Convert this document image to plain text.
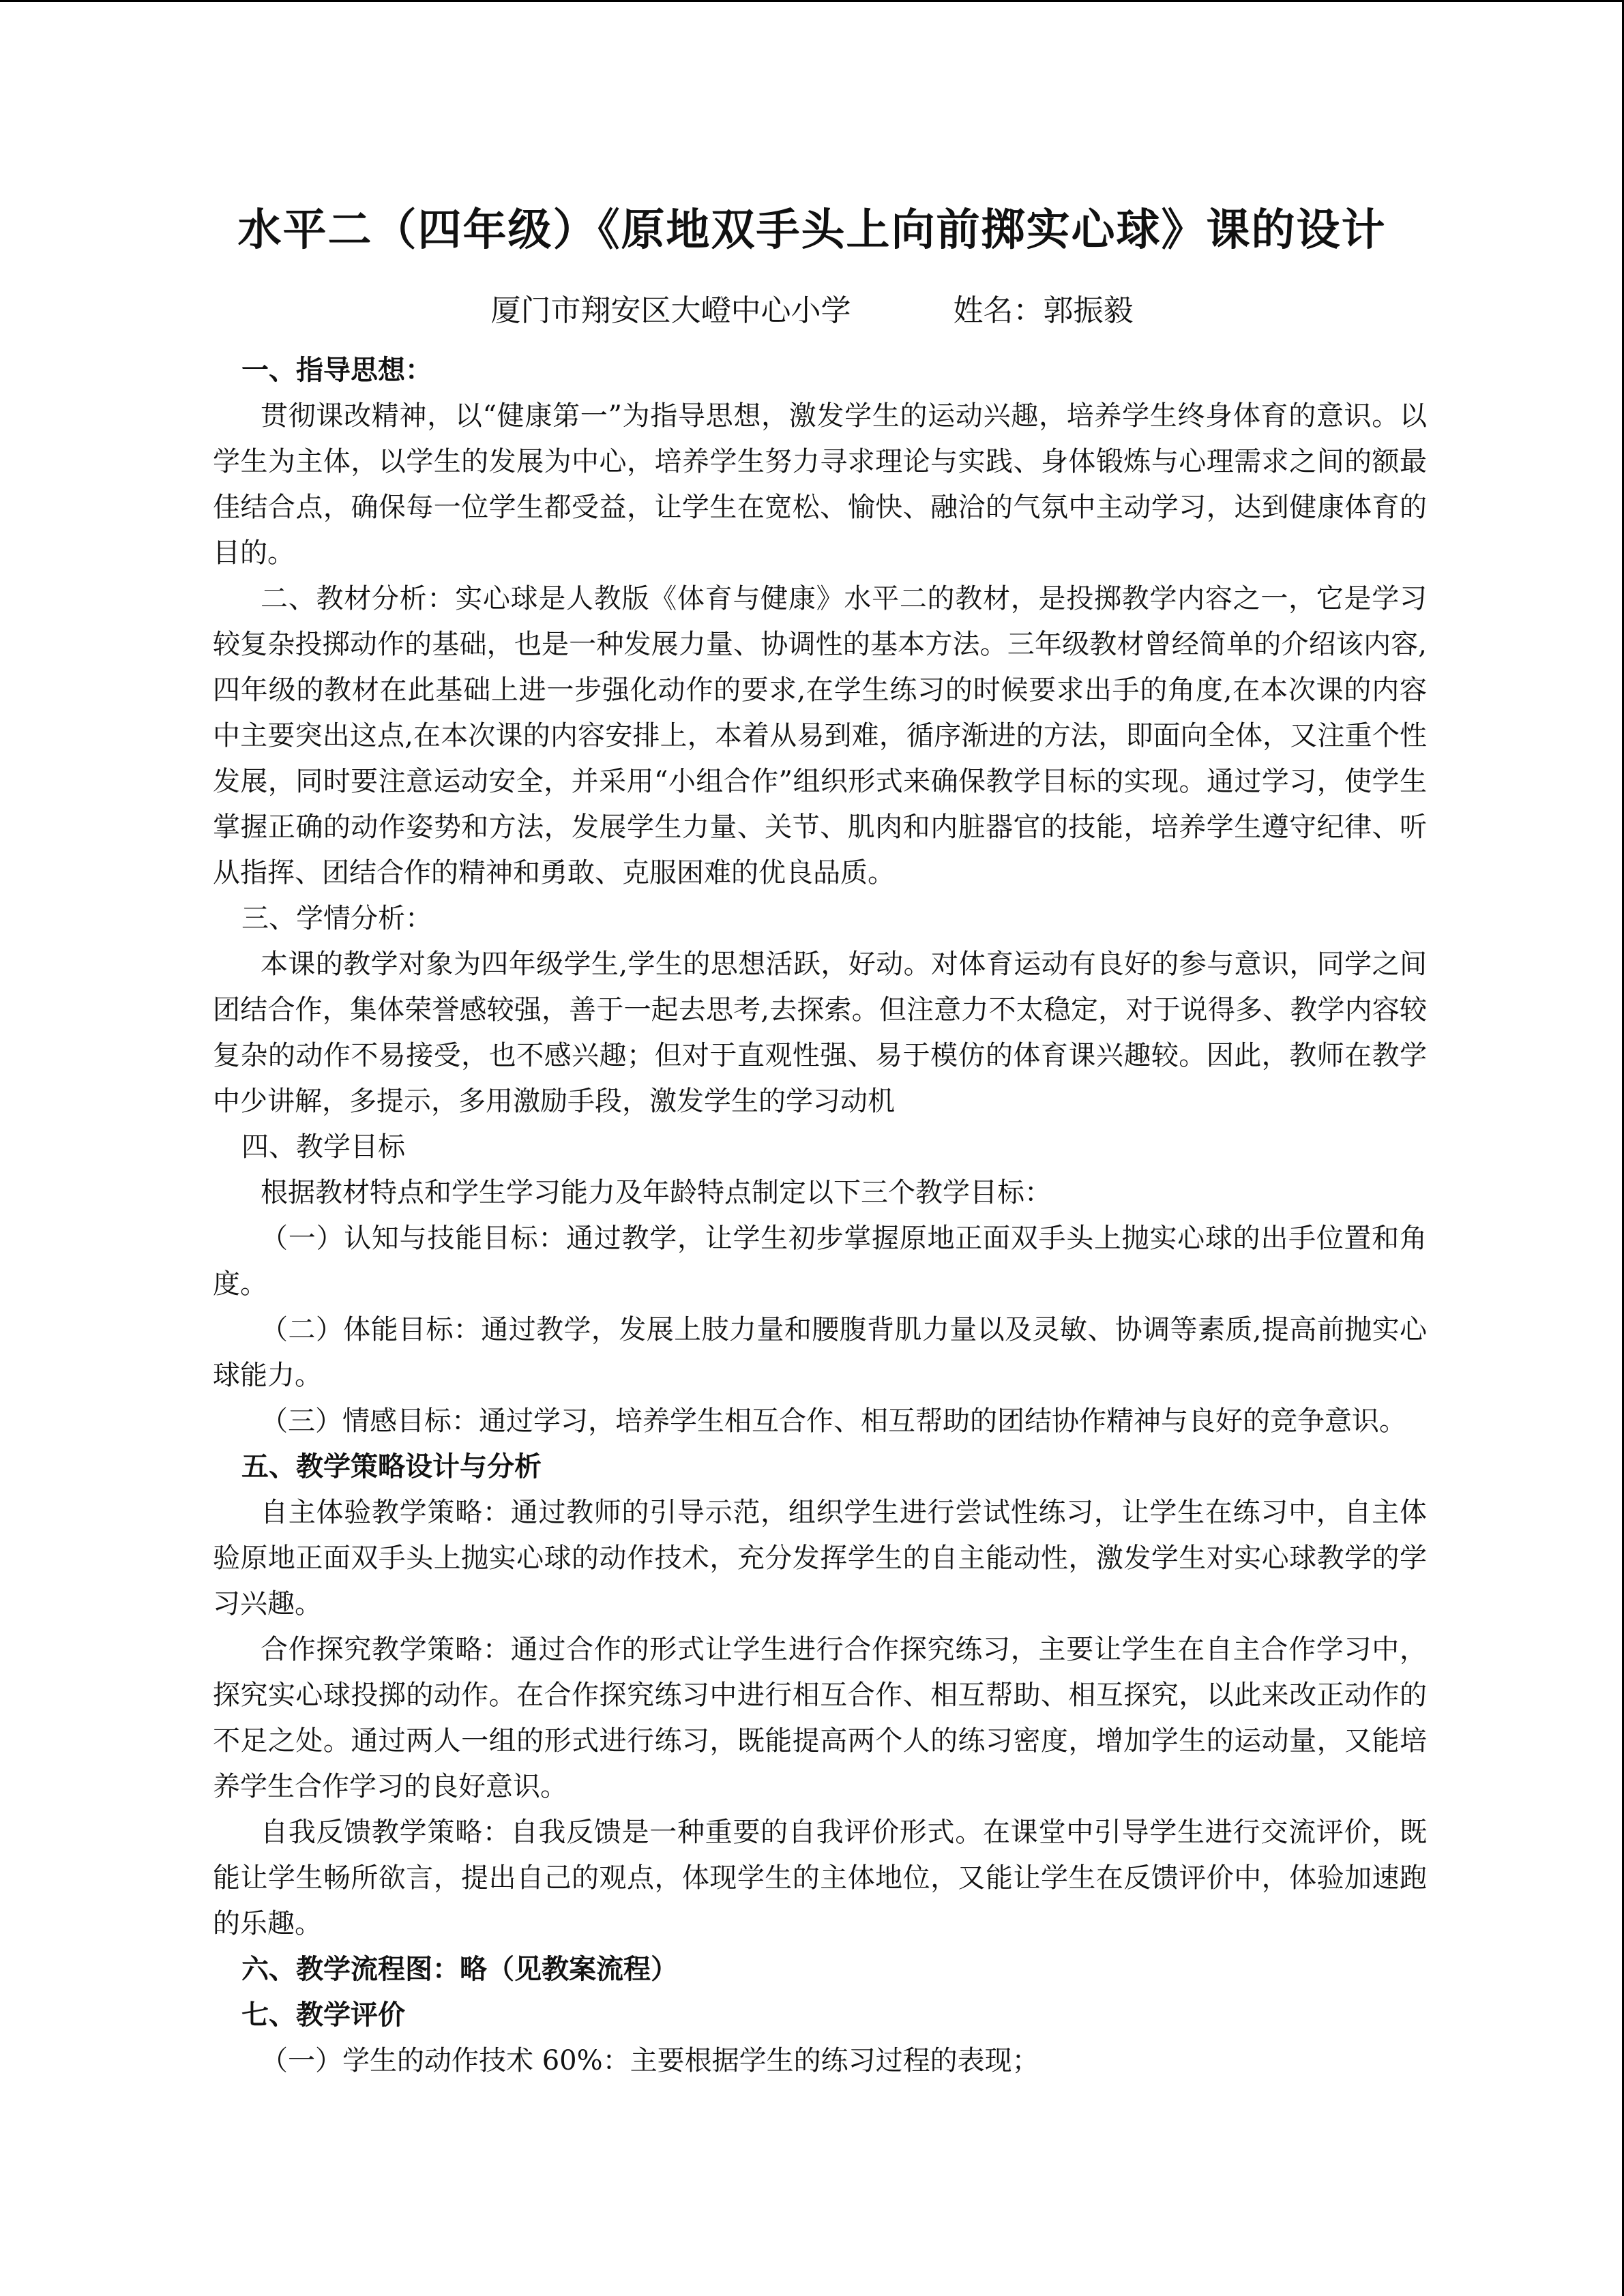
水平二（四年级）《原地双手头上向前掷实心球》课的设计
厦门市翔安区大嶝中心小学	姓名：郭振毅

一、指导思想：

贯彻课改精神，以“健康第一”为指导思想，激发学生的运动兴趣，培养学生终身体育的意识。以学生为主体，以学生的发展为中心，培养学生努力寻求理论与实践、身体锻炼与心理需求之间的额最佳结合点，确保每一位学生都受益，让学生在宽松、愉快、融洽的气氛中主动学习，达到健康体育的目的。

二、教材分析：实心球是人教版《体育与健康》水平二的教材，是投掷教学内容之一，它是学习较复杂投掷动作的基础，也是一种发展力量、协调性的基本方法。三年级教材曾经简单的介绍该内容,四年级的教材在此基础上进一步强化动作的要求,在学生练习的时候要求出手的角度,在本次课的内容中主要突出这点,在本次课的内容安排上，本着从易到难，循序渐进的方法，即面向全体，又注重个性发展，同时要注意运动安全，并采用“小组合作”组织形式来确保教学目标的实现。通过学习，使学生掌握正确的动作姿势和方法，发展学生力量、关节、肌肉和内脏器官的技能，培养学生遵守纪律、听从指挥、团结合作的精神和勇敢、克服困难的优良品质。

三、学情分析：

本课的教学对象为四年级学生,学生的思想活跃，好动。对体育运动有良好的参与意识，同学之间团结合作，集体荣誉感较强，善于一起去思考,去探索。但注意力不太稳定，对于说得多、教学内容较复杂的动作不易接受，也不感兴趣；但对于直观性强、易于模仿的体育课兴趣较。因此，教师在教学中少讲解，多提示，多用激励手段，激发学生的学习动机

四、教学目标

根据教材特点和学生学习能力及年龄特点制定以下三个教学目标：

（一）认知与技能目标：通过教学，让学生初步掌握原地正面双手头上抛实心球的出手位置和角度。

（二）体能目标：通过教学，发展上肢力量和腰腹背肌力量以及灵敏、协调等素质,提高前抛实心球能力。

（三）情感目标：通过学习，培养学生相互合作、相互帮助的团结协作精神与良好的竞争意识。

五、教学策略设计与分析

自主体验教学策略：通过教师的引导示范，组织学生进行尝试性练习，让学生在练习中，自主体验原地正面双手头上抛实心球的动作技术，充分发挥学生的自主能动性，激发学生对实心球教学的学习兴趣。

合作探究教学策略：通过合作的形式让学生进行合作探究练习，主要让学生在自主合作学习中，探究实心球投掷的动作。在合作探究练习中进行相互合作、相互帮助、相互探究，以此来改正动作的不足之处。通过两人一组的形式进行练习，既能提高两个人的练习密度，增加学生的运动量，又能培养学生合作学习的良好意识。

自我反馈教学策略：自我反馈是一种重要的自我评价形式。在课堂中引导学生进行交流评价，既能让学生畅所欲言，提出自己的观点，体现学生的主体地位，又能让学生在反馈评价中，体验加速跑的乐趣。

六、教学流程图：略（见教案流程）

七、教学评价

（一）学生的动作技术 60%：主要根据学生的练习过程的表现；
